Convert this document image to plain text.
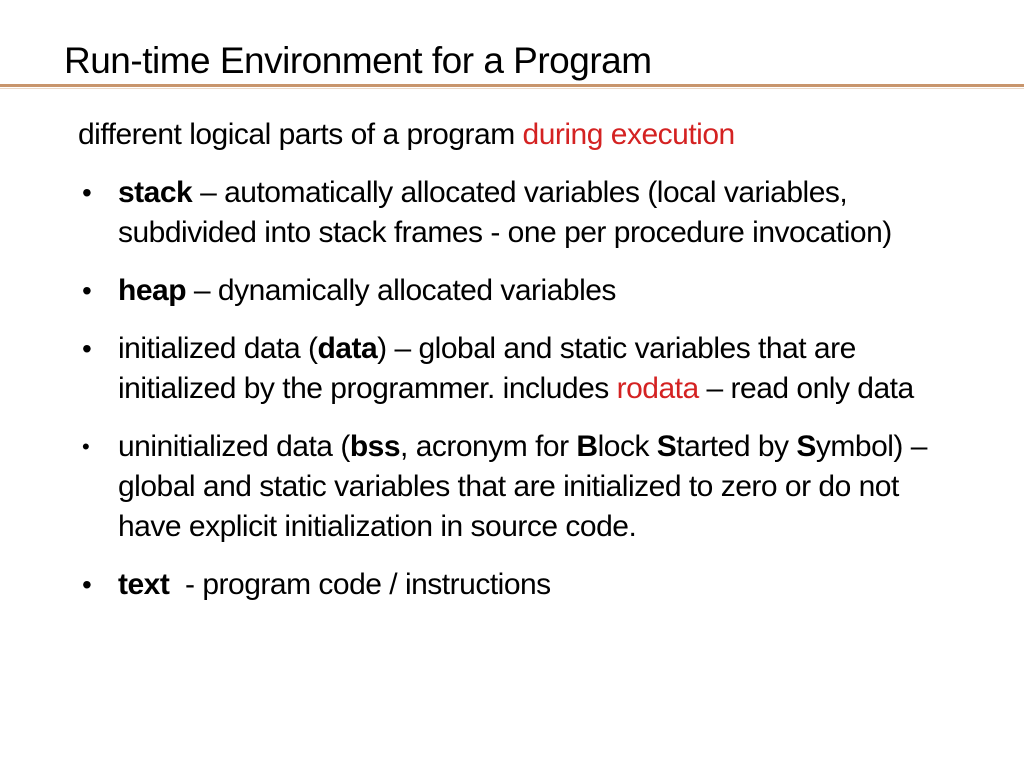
Run-time Environment for a Program
different logical parts of a program during execution
• stack – automatically allocated variables (local variables, subdivided into stack frames - one per procedure invocation)
• heap – dynamically allocated variables
• initialized data (data) – global and static variables that are initialized by the programmer. includes rodata – read only data
• uninitialized data (bss, acronym for Block Started by Symbol) – global and static variables that are initialized to zero or do not have explicit initialization in source code.
• text  - program code / instructions
